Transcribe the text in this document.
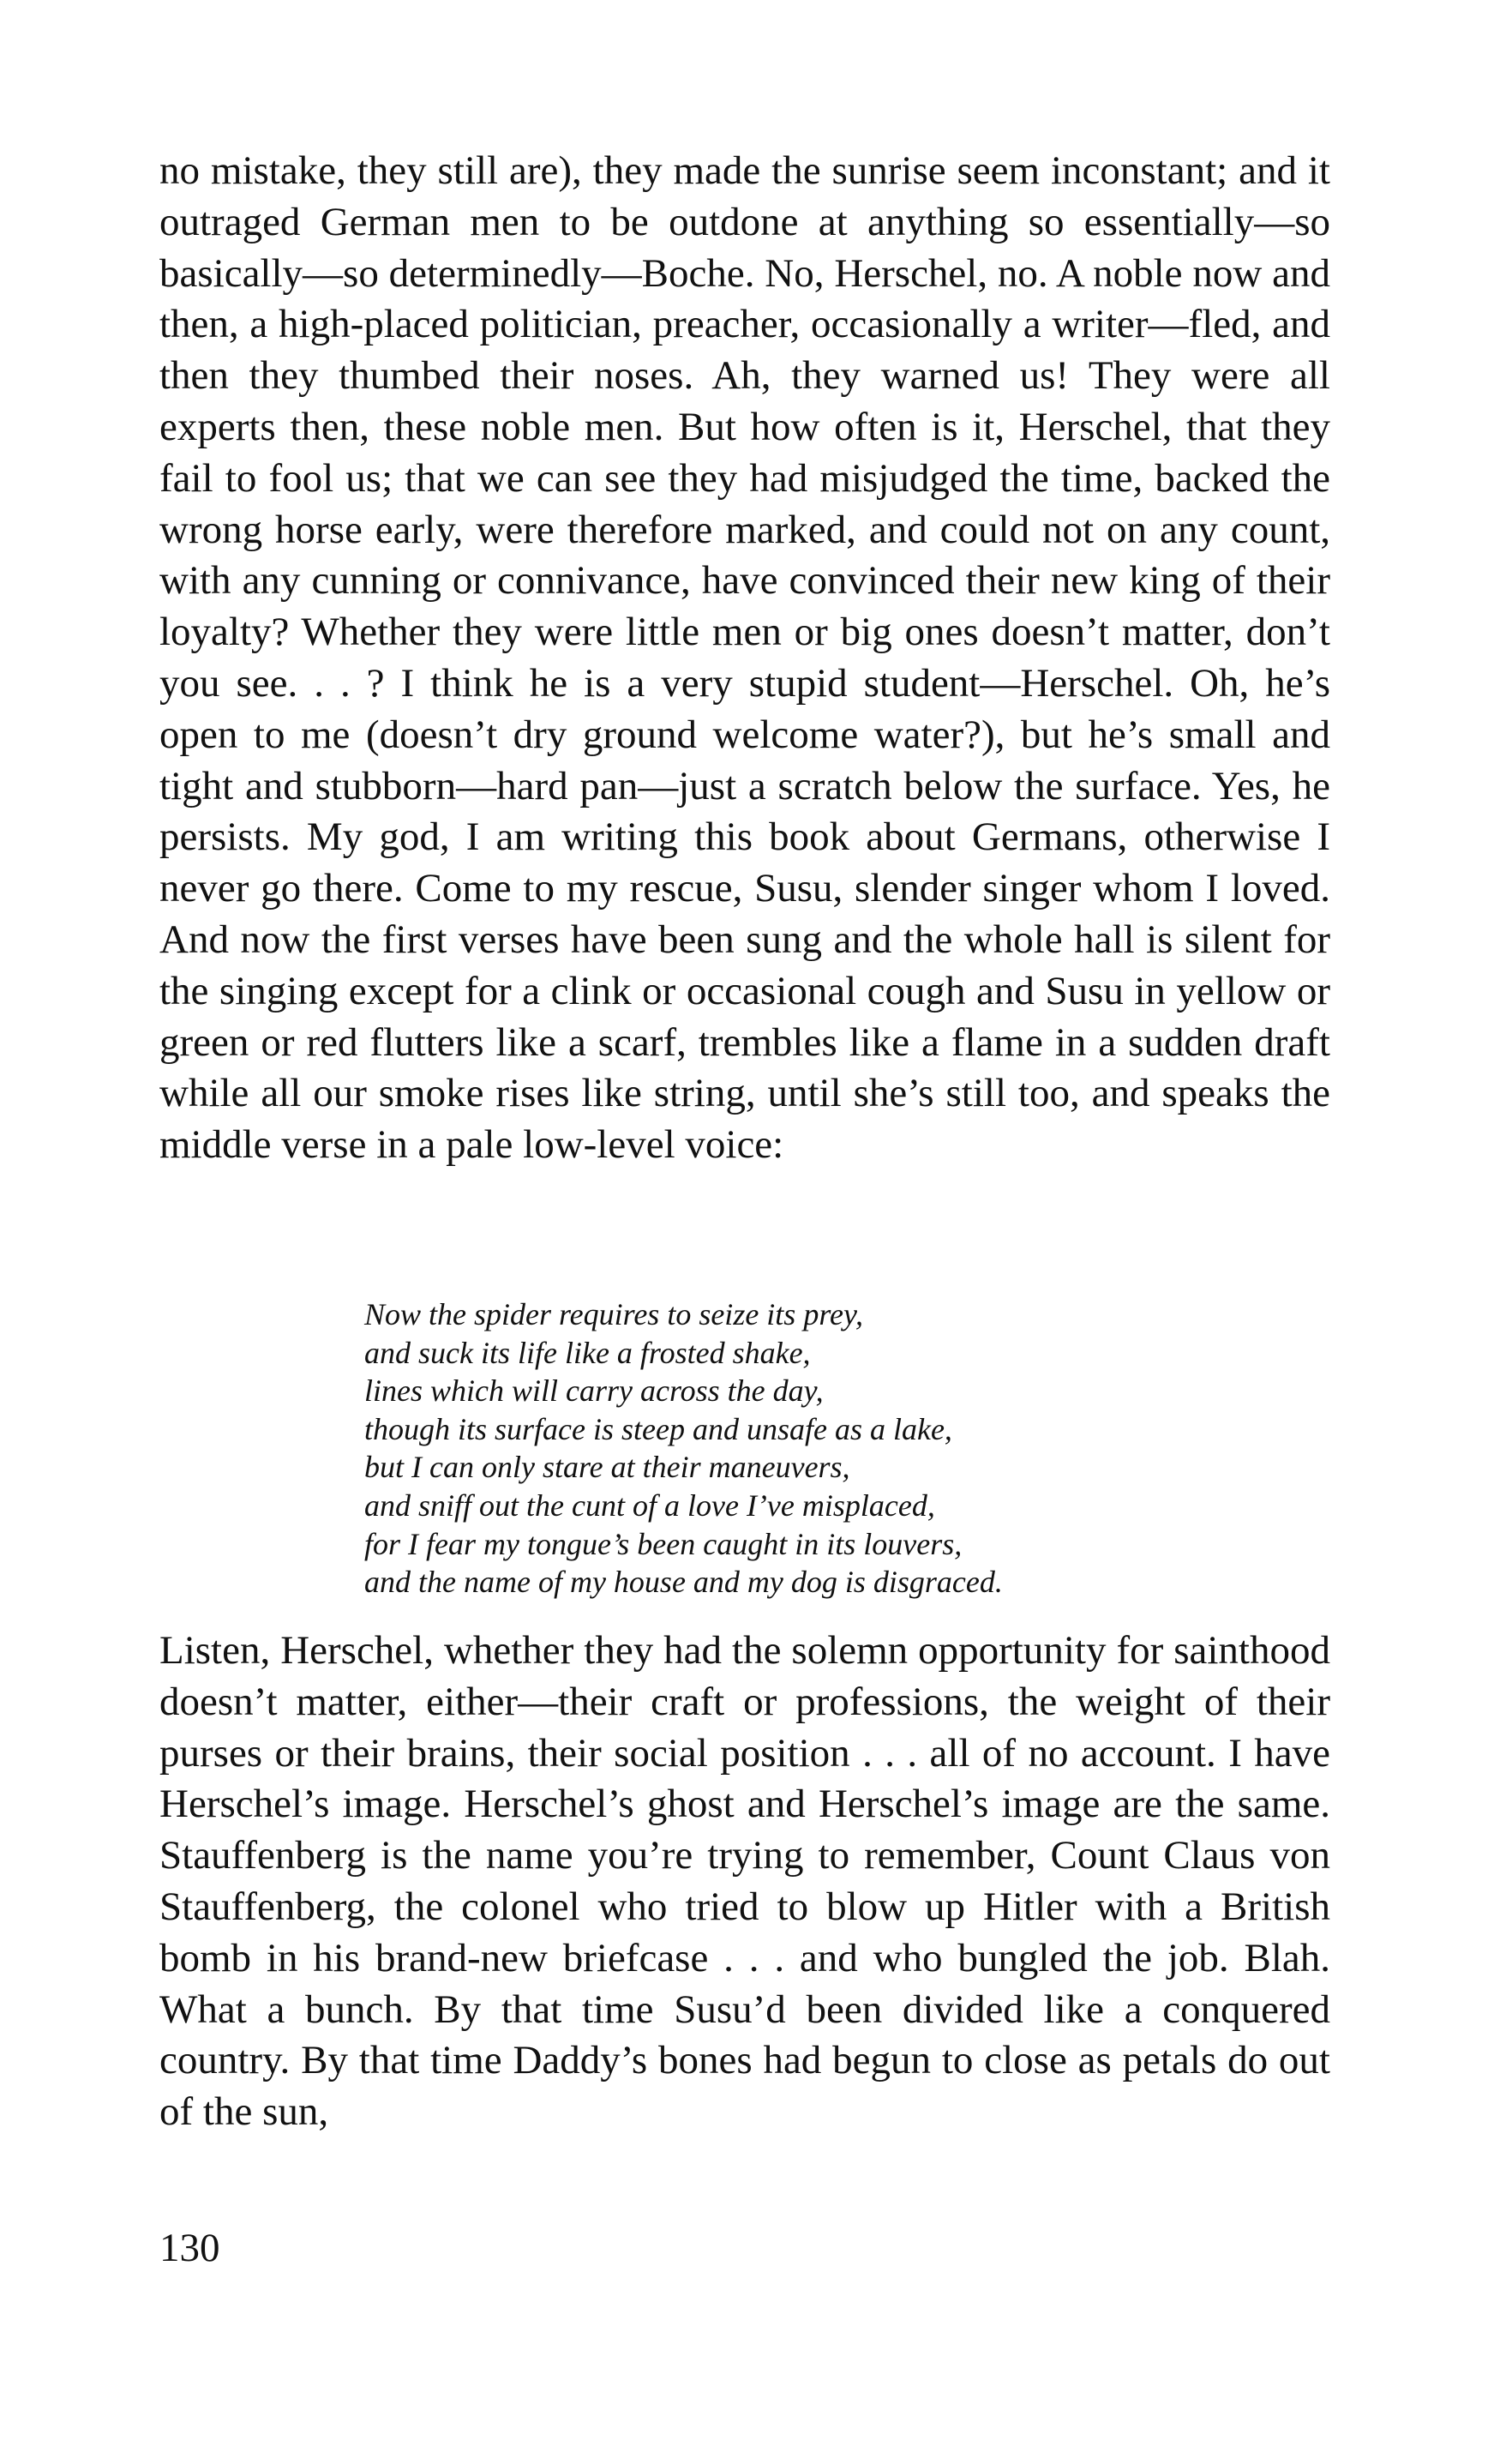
no mistake, they still are), they made the sunrise seem inconstant; and it outraged German men to be outdone at anything so essentially—so basically—so determinedly—Boche. No, Herschel, no. A noble now and then, a high-placed politician, preacher, occasionally a writer—fled, and then they thumbed their noses. Ah, they warned us! They were all experts then, these noble men. But how often is it, Herschel, that they fail to fool us; that we can see they had misjudged the time, backed the wrong horse early, were therefore marked, and could not on any count, with any cunning or connivance, have convinced their new king of their loyalty? Whether they were little men or big ones doesn’t matter, don’t you see. . . ? I think he is a very stupid student—Herschel. Oh, he’s open to me (doesn’t dry ground welcome water?), but he’s small and tight and stubborn—hard pan—just a scratch below the surface. Yes, he persists. My god, I am writing this book about Germans, otherwise I never go there. Come to my rescue, Susu, slender singer whom I loved. And now the first verses have been sung and the whole hall is silent for the singing except for a clink or occasional cough and Susu in yellow or green or red flutters like a scarf, trembles like a flame in a sudden draft while all our smoke rises like string, until she’s still too, and speaks the middle verse in a pale low-level voice:

Now the spider requires to seize its prey,
and suck its life like a frosted shake,
lines which will carry across the day,
though its surface is steep and unsafe as a lake,
but I can only stare at their maneuvers,
and sniff out the cunt of a love I’ve misplaced,
for I fear my tongue’s been caught in its louvers,
and the name of my house and my dog is disgraced.

Listen, Herschel, whether they had the solemn opportunity for sainthood doesn’t matter, either—their craft or professions, the weight of their purses or their brains, their social position . . . all of no account. I have Herschel’s image. Herschel’s ghost and Herschel’s image are the same. Stauffenberg is the name you’re trying to remember, Count Claus von Stauffenberg, the colonel who tried to blow up Hitler with a British bomb in his brand-new briefcase . . . and who bungled the job. Blah. What a bunch. By that time Susu’d been divided like a conquered country. By that time Daddy’s bones had begun to close as petals do out of the sun,

130
